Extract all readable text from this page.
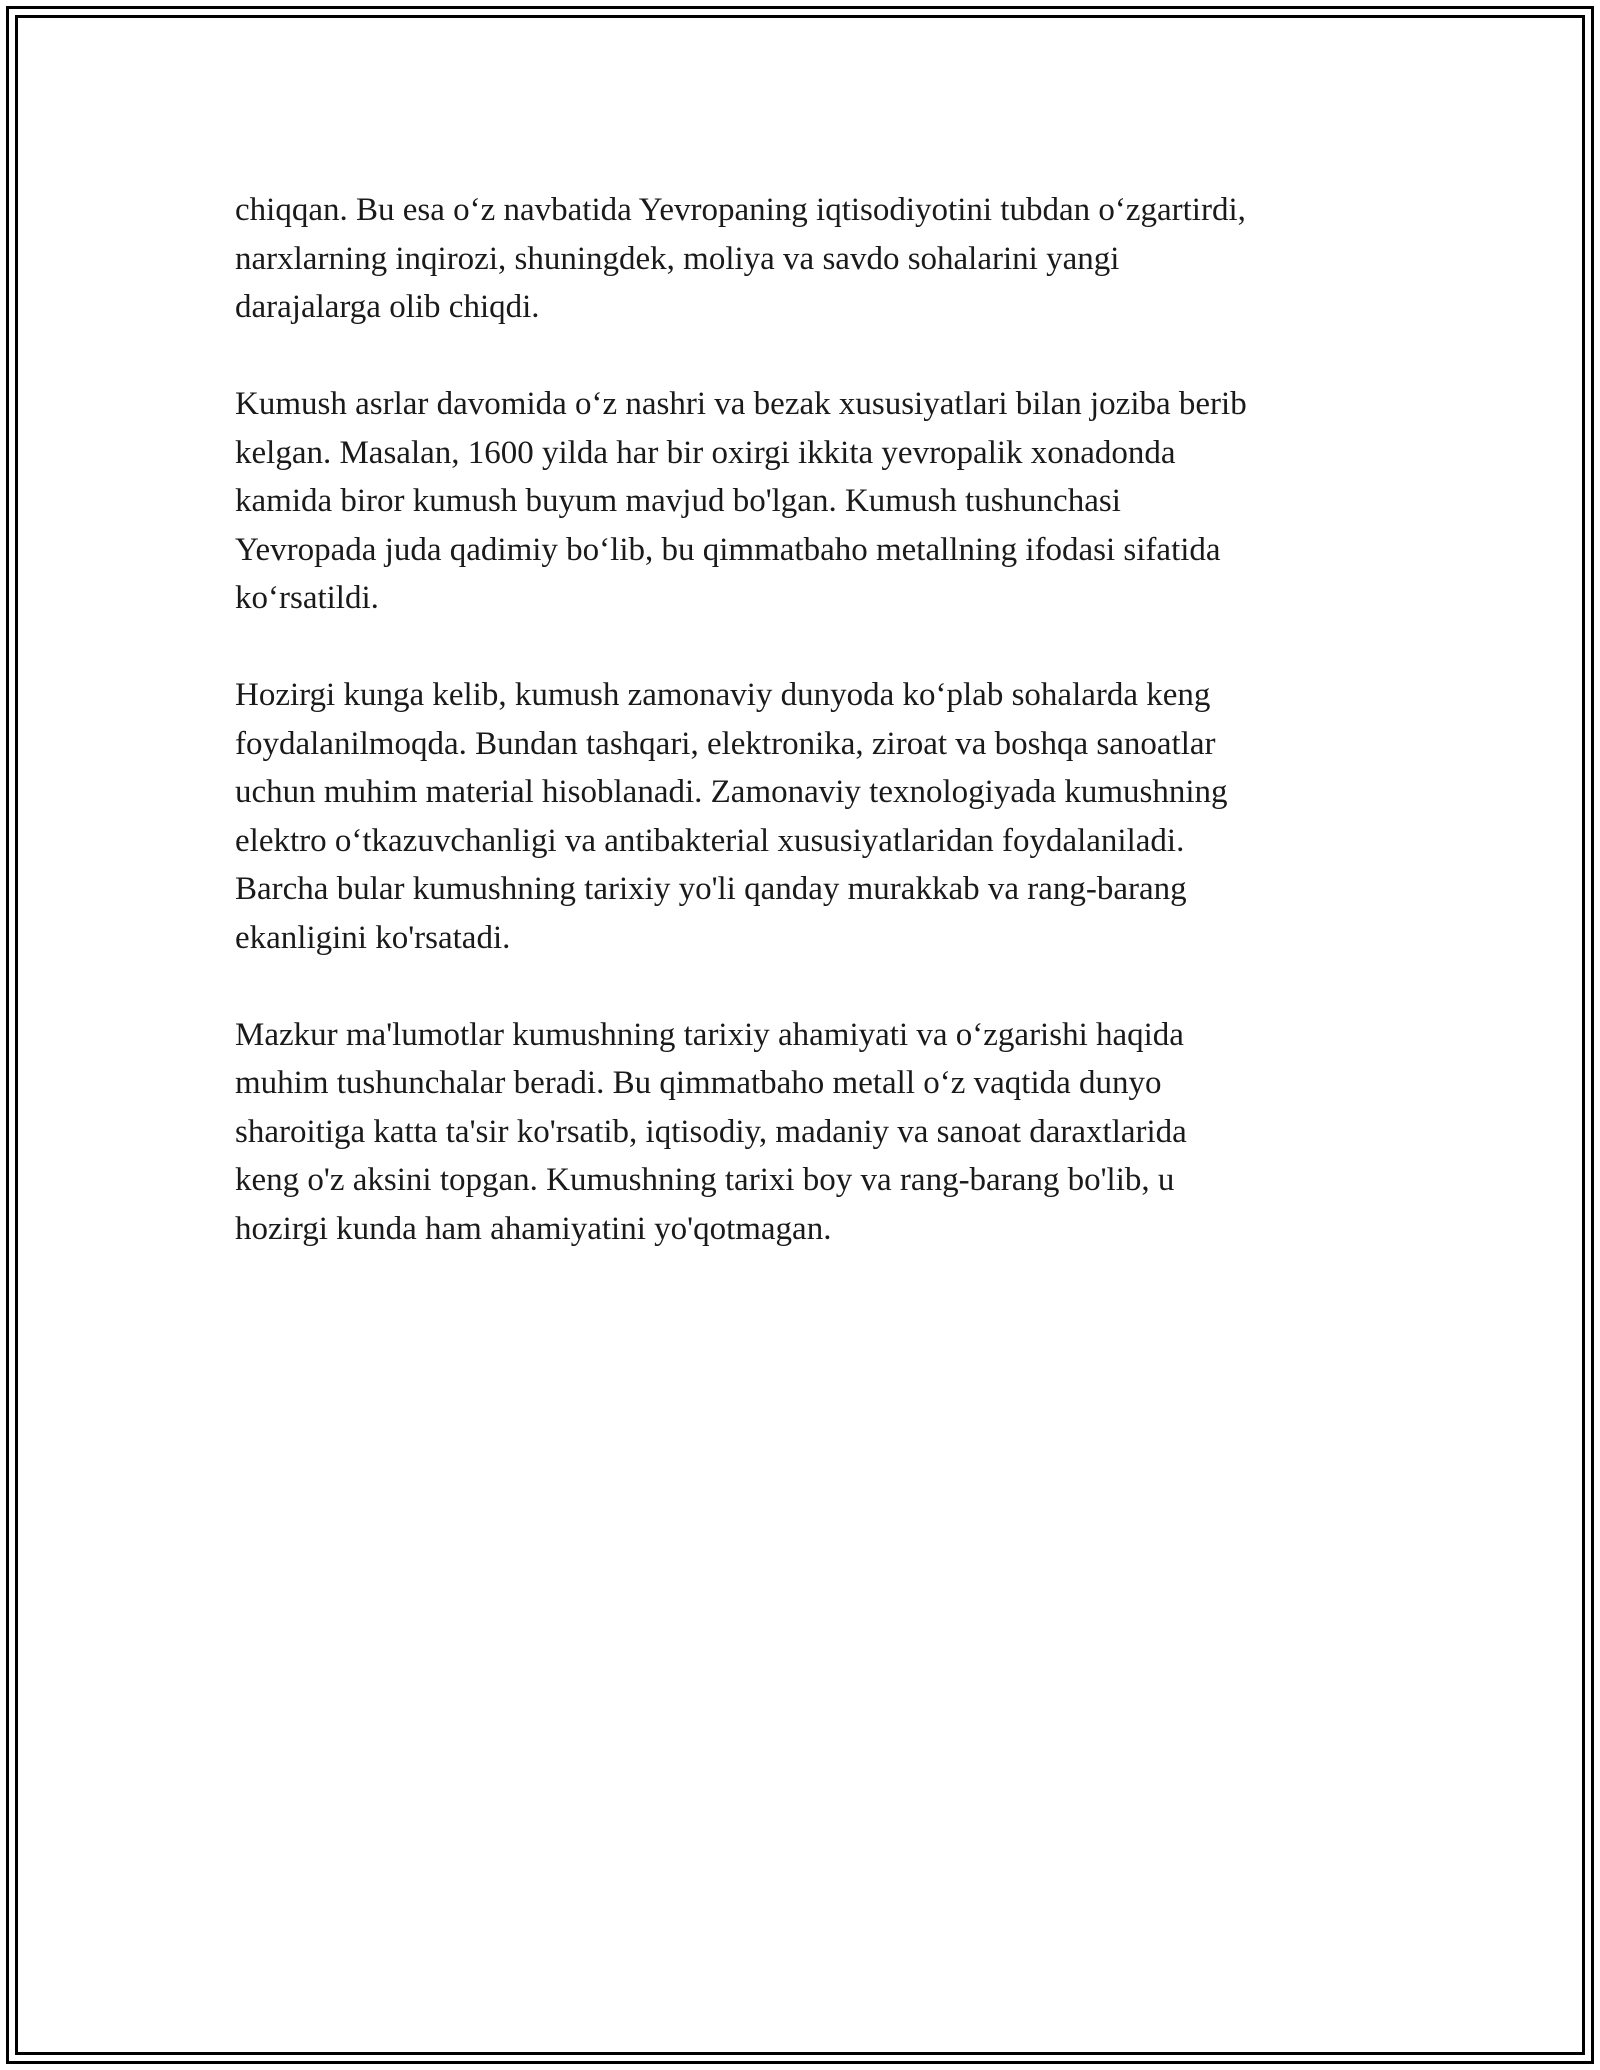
chiqqan. Bu esa o‘z navbatida Yevropaning iqtisodiyotini tubdan o‘zgartirdi,
narxlarning inqirozi, shuningdek, moliya va savdo sohalarini yangi
darajalarga olib chiqdi.

Kumush asrlar davomida o‘z nashri va bezak xususiyatlari bilan joziba berib
kelgan. Masalan, 1600 yilda har bir oxirgi ikkita yevropalik xonadonda
kamida biror kumush buyum mavjud bo'lgan. Kumush tushunchasi
Yevropada juda qadimiy bo‘lib, bu qimmatbaho metallning ifodasi sifatida
ko‘rsatildi.

Hozirgi kunga kelib, kumush zamonaviy dunyoda ko‘plab sohalarda keng
foydalanilmoqda. Bundan tashqari, elektronika, ziroat va boshqa sanoatlar
uchun muhim material hisoblanadi. Zamonaviy texnologiyada kumushning
elektro o‘tkazuvchanligi va antibakterial xususiyatlaridan foydalaniladi.
Barcha bular kumushning tarixiy yo'li qanday murakkab va rang-barang
ekanligini ko'rsatadi.

Mazkur ma'lumotlar kumushning tarixiy ahamiyati va o‘zgarishi haqida
muhim tushunchalar beradi. Bu qimmatbaho metall o‘z vaqtida dunyo
sharoitiga katta ta'sir ko'rsatib, iqtisodiy, madaniy va sanoat daraxtlarida
keng o'z aksini topgan. Kumushning tarixi boy va rang-barang bo'lib, u
hozirgi kunda ham ahamiyatini yo'qotmagan.
